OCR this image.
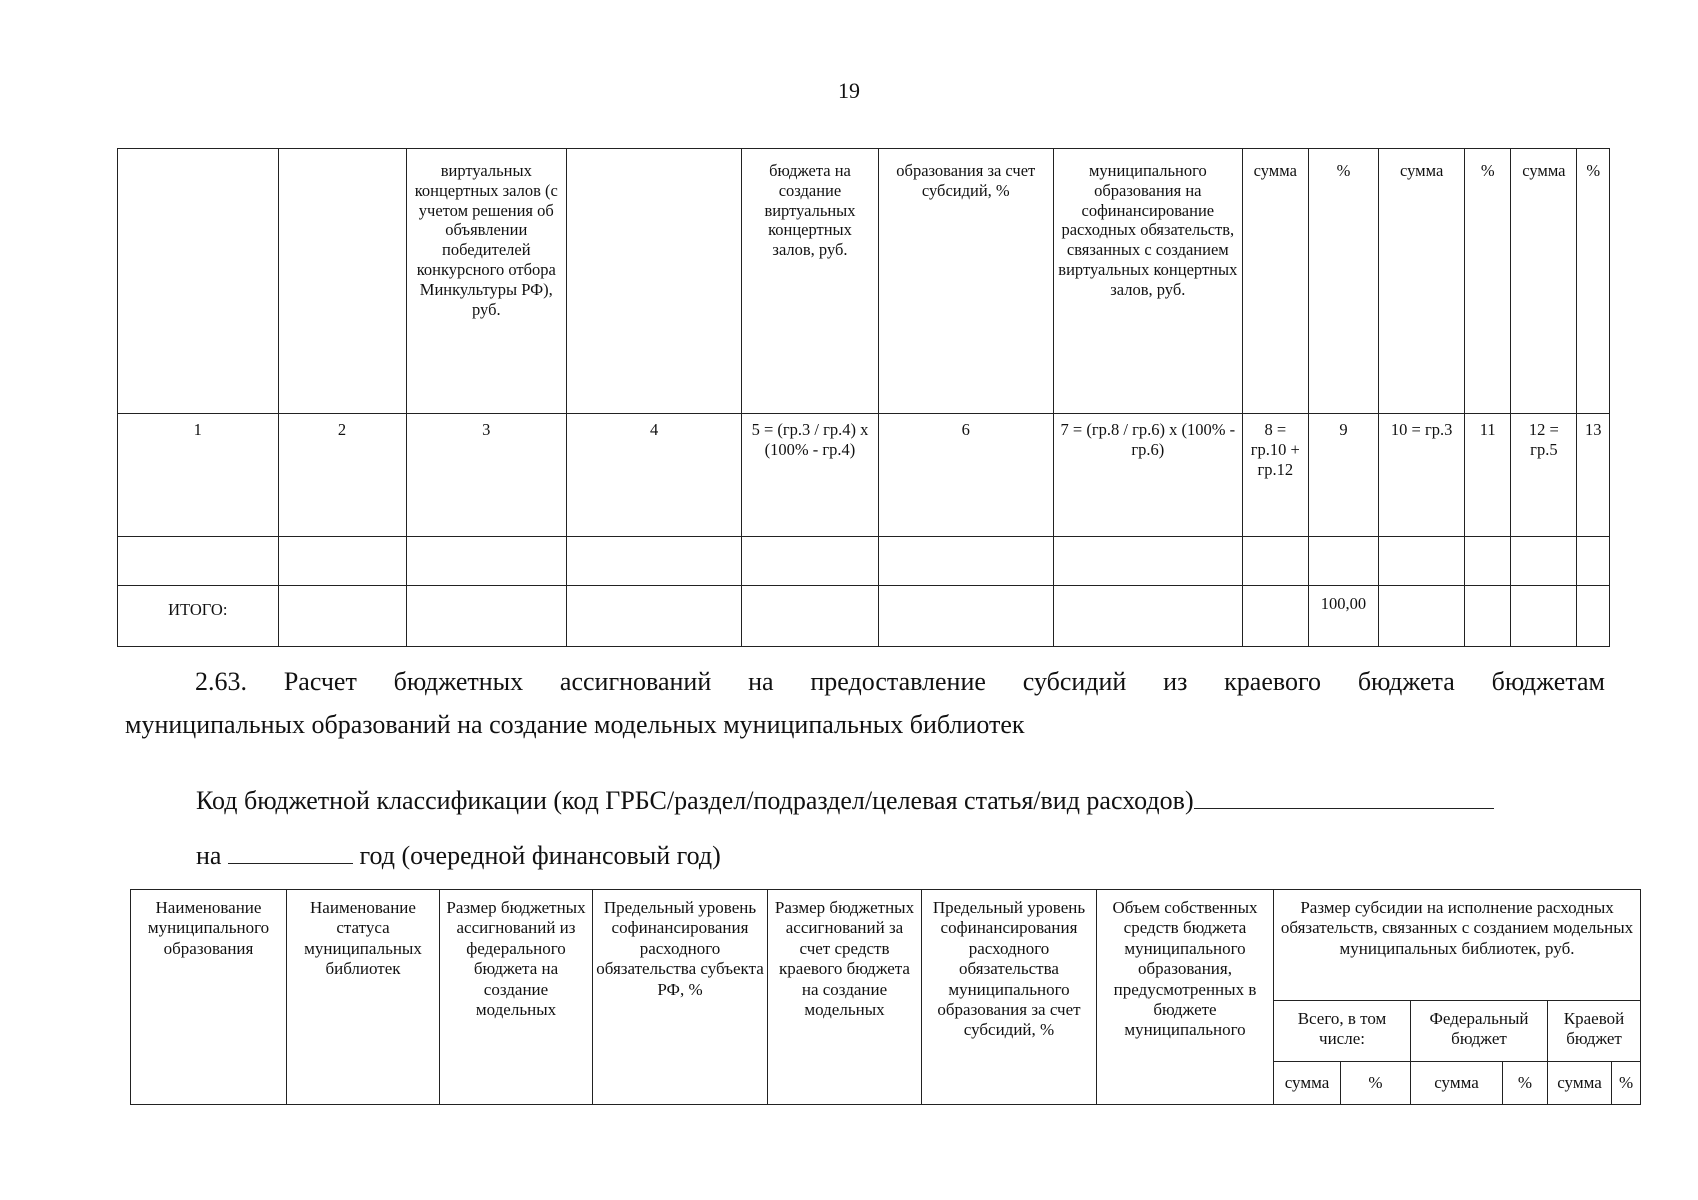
19
		виртуальных концертных залов (с учетом решения об объявлении победителей конкурсного отбора Минкультуры РФ), руб.		бюджета на создание виртуальных концертных залов, руб.	образования за счет субсидий, %	муниципального образования на софинансирование расходных обязательств, связанных с созданием виртуальных концертных залов, руб.	сумма	%	сумма	%	сумма	%
1	2	3	4	5 = (гр.3 / гр.4) х (100% - гр.4)	6	7 = (гр.8 / гр.6) х (100% - гр.6)	8 = гр.10 + гр.12	9	10 = гр.3	11	12 = гр.5	13

ИТОГО:								100,00				
2.63. Расчет бюджетных ассигнований на предоставление субсидий из краевого бюджета бюджетам
муниципальных образований на создание модельных муниципальных библиотек
Код бюджетной классификации (код ГРБС/раздел/подраздел/целевая статья/вид расходов)
на	год (очередной финансовый год)
Наименование муниципального образования	Наименование статуса муниципальных библиотек	Размер бюджетных ассигнований из федерального бюджета на создание модельных	Предельный уровень софинансирования расходного обязательства субъекта РФ, %	Размер бюджетных ассигнований за счет средств краевого бюджета на создание модельных	Предельный уровень софинансирования расходного обязательства муниципального образования за счет субсидий, %	Объем собственных средств бюджета муниципального образования, предусмотренных в бюджете муниципального	Размер субсидии на исполнение расходных обязательств, связанных с созданием модельных муниципальных библиотек, руб.					
							Всего, в том числе:		Федеральный бюджет		Краевой бюджет	
							сумма	%	сумма	%	сумма	%
